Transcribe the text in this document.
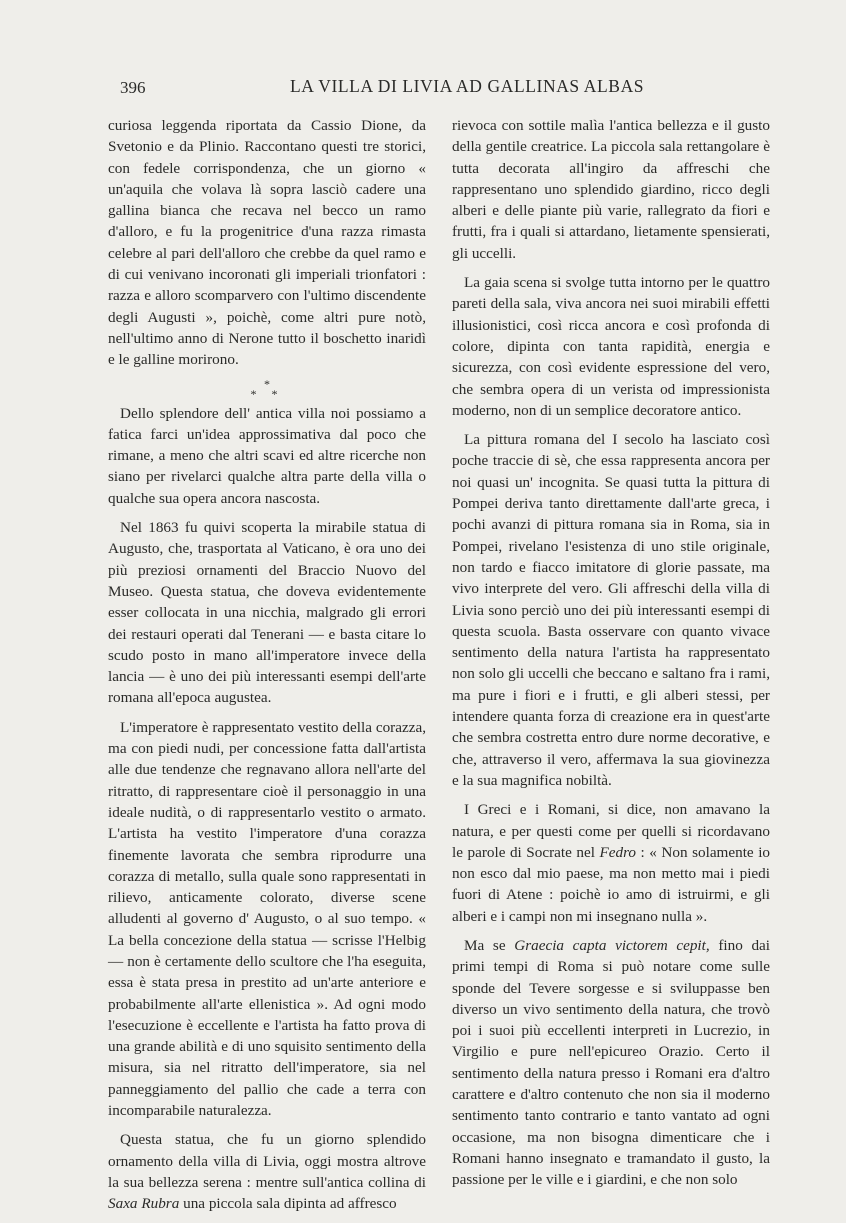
396	LA VILLA DI LIVIA AD GALLINAS ALBAS

curiosa leggenda riportata da Cassio Dione, da Svetonio e da Plinio. Raccontano questi tre storici, con fedele corrispondenza, che un giorno « un'aquila che volava là sopra lasciò cadere una gallina bianca che recava nel becco un ramo d'alloro, e fu la progenitrice d'una razza rimasta celebre al pari dell'alloro che crebbe da quel ramo e di cui venivano incoronati gli imperiali trionfatori : razza e alloro scomparvero con l'ultimo discendente degli Augusti », poichè, come altri pure notò, nell'ultimo anno di Nerone tutto il boschetto inaridì e le galline morirono.

*
* *

Dello splendore dell' antica villa noi possiamo a fatica farci un'idea approssimativa dal poco che rimane, a meno che altri scavi ed altre ricerche non siano per rivelarci qualche altra parte della villa o qualche sua opera ancora nascosta.

Nel 1863 fu quivi scoperta la mirabile statua di Augusto, che, trasportata al Vaticano, è ora uno dei più preziosi ornamenti del Braccio Nuovo del Museo. Questa statua, che doveva evidentemente esser collocata in una nicchia, malgrado gli errori dei restauri operati dal Tenerani — e basta citare lo scudo posto in mano all'imperatore invece della lancia — è uno dei più interessanti esempi dell'arte romana all'epoca augustea.

L'imperatore è rappresentato vestito della corazza, ma con piedi nudi, per concessione fatta dall'artista alle due tendenze che regnavano allora nell'arte del ritratto, di rappresentare cioè il personaggio in una ideale nudità, o di rappresentarlo vestito o armato. L'artista ha vestito l'imperatore d'una corazza finemente lavorata che sembra riprodurre una corazza di metallo, sulla quale sono rappresentati in rilievo, anticamente colorato, diverse scene alludenti al governo d' Augusto, o al suo tempo. « La bella concezione della statua — scrisse l'Helbig — non è certamente dello scultore che l'ha eseguita, essa è stata presa in prestito ad un'arte anteriore e probabilmente all'arte ellenistica ». Ad ogni modo l'esecuzione è eccellente e l'artista ha fatto prova di una grande abilità e di uno squisito sentimento della misura, sia nel ritratto dell'imperatore, sia nel panneggiamento del pallio che cade a terra con incomparabile naturalezza.

Questa statua, che fu un giorno splendido ornamento della villa di Livia, oggi mostra altrove la sua bellezza serena : mentre sull'antica collina di Saxa Rubra una piccola sala dipinta ad affresco

rievoca con sottile malìa l'antica bellezza e il gusto della gentile creatrice. La piccola sala rettangolare è tutta decorata all'ingiro da affreschi che rappresentano uno splendido giardino, ricco degli alberi e delle piante più varie, rallegrato da fiori e frutti, fra i quali si attardano, lietamente spensierati, gli uccelli.

La gaia scena si svolge tutta intorno per le quattro pareti della sala, viva ancora nei suoi mirabili effetti illusionistici, così ricca ancora e così profonda di colore, dipinta con tanta rapidità, energia e sicurezza, con così evidente espressione del vero, che sembra opera di un verista od impressionista moderno, non di un semplice decoratore antico.

La pittura romana del I secolo ha lasciato così poche traccie di sè, che essa rappresenta ancora per noi quasi un' incognita. Se quasi tutta la pittura di Pompei deriva tanto direttamente dall'arte greca, i pochi avanzi di pittura romana sia in Roma, sia in Pompei, rivelano l'esistenza di uno stile originale, non tardo e fiacco imitatore di glorie passate, ma vivo interprete del vero. Gli affreschi della villa di Livia sono perciò uno dei più interessanti esempi di questa scuola. Basta osservare con quanto vivace sentimento della natura l'artista ha rappresentato non solo gli uccelli che beccano e saltano fra i rami, ma pure i fiori e i frutti, e gli alberi stessi, per intendere quanta forza di creazione era in quest'arte che sembra costretta entro dure norme decorative, e che, attraverso il vero, affermava la sua giovinezza e la sua magnifica nobiltà.

I Greci e i Romani, si dice, non amavano la natura, e per questi come per quelli si ricordavano le parole di Socrate nel Fedro : « Non solamente io non esco dal mio paese, ma non metto mai i piedi fuori di Atene : poichè io amo di istruirmi, e gli alberi e i campi non mi insegnano nulla ».

Ma se Graecia capta victorem cepit, fino dai primi tempi di Roma si può notare come sulle sponde del Tevere sorgesse e si sviluppasse ben diverso un vivo sentimento della natura, che trovò poi i suoi più eccellenti interpreti in Lucrezio, in Virgilio e pure nell'epicureo Orazio. Certo il sentimento della natura presso i Romani era d'altro carattere e d'altro contenuto che non sia il moderno sentimento tanto contrario e tanto vantato ad ogni occasione, ma non bisogna dimenticare che i Romani hanno insegnato e tramandato il gusto, la passione per le ville e i giardini, e che non solo
